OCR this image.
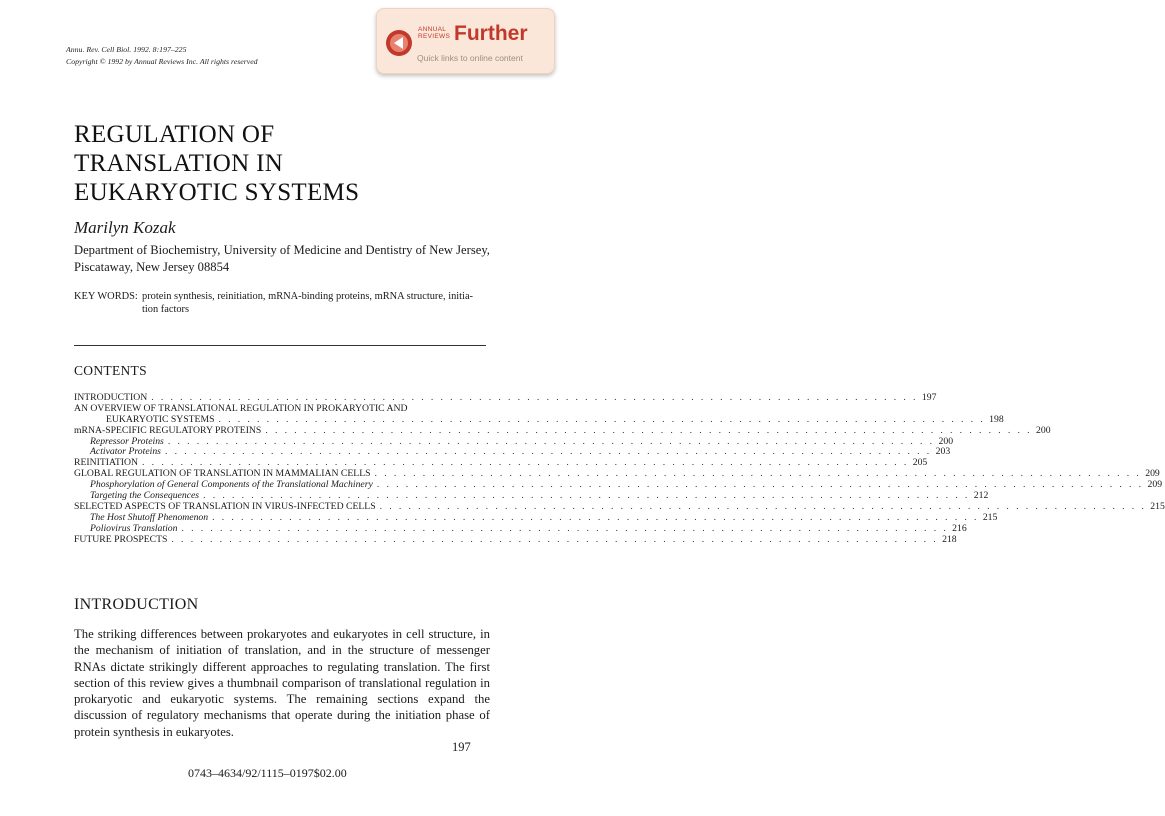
Annu. Rev. Cell Biol. 1992. 8:197–225
Copyright © 1992 by Annual Reviews Inc. All rights reserved
ANNUAL
REVIEWS Further
Quick links to online content
REGULATION OF
TRANSLATION IN
EUKARYOTIC SYSTEMS
Marilyn Kozak
Department of Biochemistry, University of Medicine and Dentistry of New Jersey,
Piscataway, New Jersey 08854
KEY WORDS: protein synthesis, reinitiation, mRNA-binding proteins, mRNA structure, initia-
tion factors
CONTENTS
INTRODUCTION . . . . . . . . . . . . . . . . . . . . . . . . . . . . . . . . . . . . . . . . . . . . . . . . . . . . . . . . . . . . . . . . . . . . . . . . . . . . . . . . 197
AN OVERVIEW OF TRANSLATIONAL REGULATION IN PROKARYOTIC AND
EUKARYOTIC SYSTEMS . . . . . . . . . . . . . . . . . . . . . . . . . . . . . . . . . . . . . . . . . . . . . . . . . . . . . . . . . . . . . . . . . . . . . . . . . . . . . . . . 198
mRNA-SPECIFIC REGULATORY PROTEINS . . . . . . . . . . . . . . . . . . . . . . . . . . . . . . . . . . . . . . . . . . . . . . . . . . . . . . . . . . . . . . . . . . . . . . . . . . . . . . . . 200
Repressor Proteins . . . . . . . . . . . . . . . . . . . . . . . . . . . . . . . . . . . . . . . . . . . . . . . . . . . . . . . . . . . . . . . . . . . . . . . . . . . . . . . . 200
Activator Proteins . . . . . . . . . . . . . . . . . . . . . . . . . . . . . . . . . . . . . . . . . . . . . . . . . . . . . . . . . . . . . . . . . . . . . . . . . . . . . . . . 203
REINITIATION . . . . . . . . . . . . . . . . . . . . . . . . . . . . . . . . . . . . . . . . . . . . . . . . . . . . . . . . . . . . . . . . . . . . . . . . . . . . . . . . 205
GLOBAL REGULATION OF TRANSLATION IN MAMMALIAN CELLS . . . . . . . . . . . . . . . . . . . . . . . . . . . . . . . . . . . . . . . . . . . . . . . . . . . . . . . . . . . . . . . . . . . . . . . . . . . . . . . . 209
Phosphorylation of General Components of the Translational Machinery . . . . . . . . . . . . . . . . . . . . . . . . . . . . . . . . . . . . . . . . . . . . . . . . . . . . . . . . . . . . . . . . . . . . . . . . . . . . . . . . 209
Targeting the Consequences . . . . . . . . . . . . . . . . . . . . . . . . . . . . . . . . . . . . . . . . . . . . . . . . . . . . . . . . . . . . . . . . . . . . . . . . . . . . . . . . 212
SELECTED ASPECTS OF TRANSLATION IN VIRUS-INFECTED CELLS . . . . . . . . . . . . . . . . . . . . . . . . . . . . . . . . . . . . . . . . . . . . . . . . . . . . . . . . . . . . . . . . . . . . . . . . . . . . . . . . 215
The Host Shutoff Phenomenon . . . . . . . . . . . . . . . . . . . . . . . . . . . . . . . . . . . . . . . . . . . . . . . . . . . . . . . . . . . . . . . . . . . . . . . . . . . . . . . . 215
Poliovirus Translation . . . . . . . . . . . . . . . . . . . . . . . . . . . . . . . . . . . . . . . . . . . . . . . . . . . . . . . . . . . . . . . . . . . . . . . . . . . . . . . . 216
FUTURE PROSPECTS . . . . . . . . . . . . . . . . . . . . . . . . . . . . . . . . . . . . . . . . . . . . . . . . . . . . . . . . . . . . . . . . . . . . . . . . . . . . . . . . 218
INTRODUCTION
The striking differences between prokaryotes and eukaryotes in cell structure, in the mechanism of initiation of translation, and in the structure of messenger RNAs dictate strikingly different approaches to regulating translation. The first section of this review gives a thumbnail comparison of translational regulation in prokaryotic and eukaryotic systems. The remaining sections expand the discussion of regulatory mechanisms that operate during the initiation phase of protein synthesis in eukaryotes.
197
0743–4634/92/1115–0197$02.00
